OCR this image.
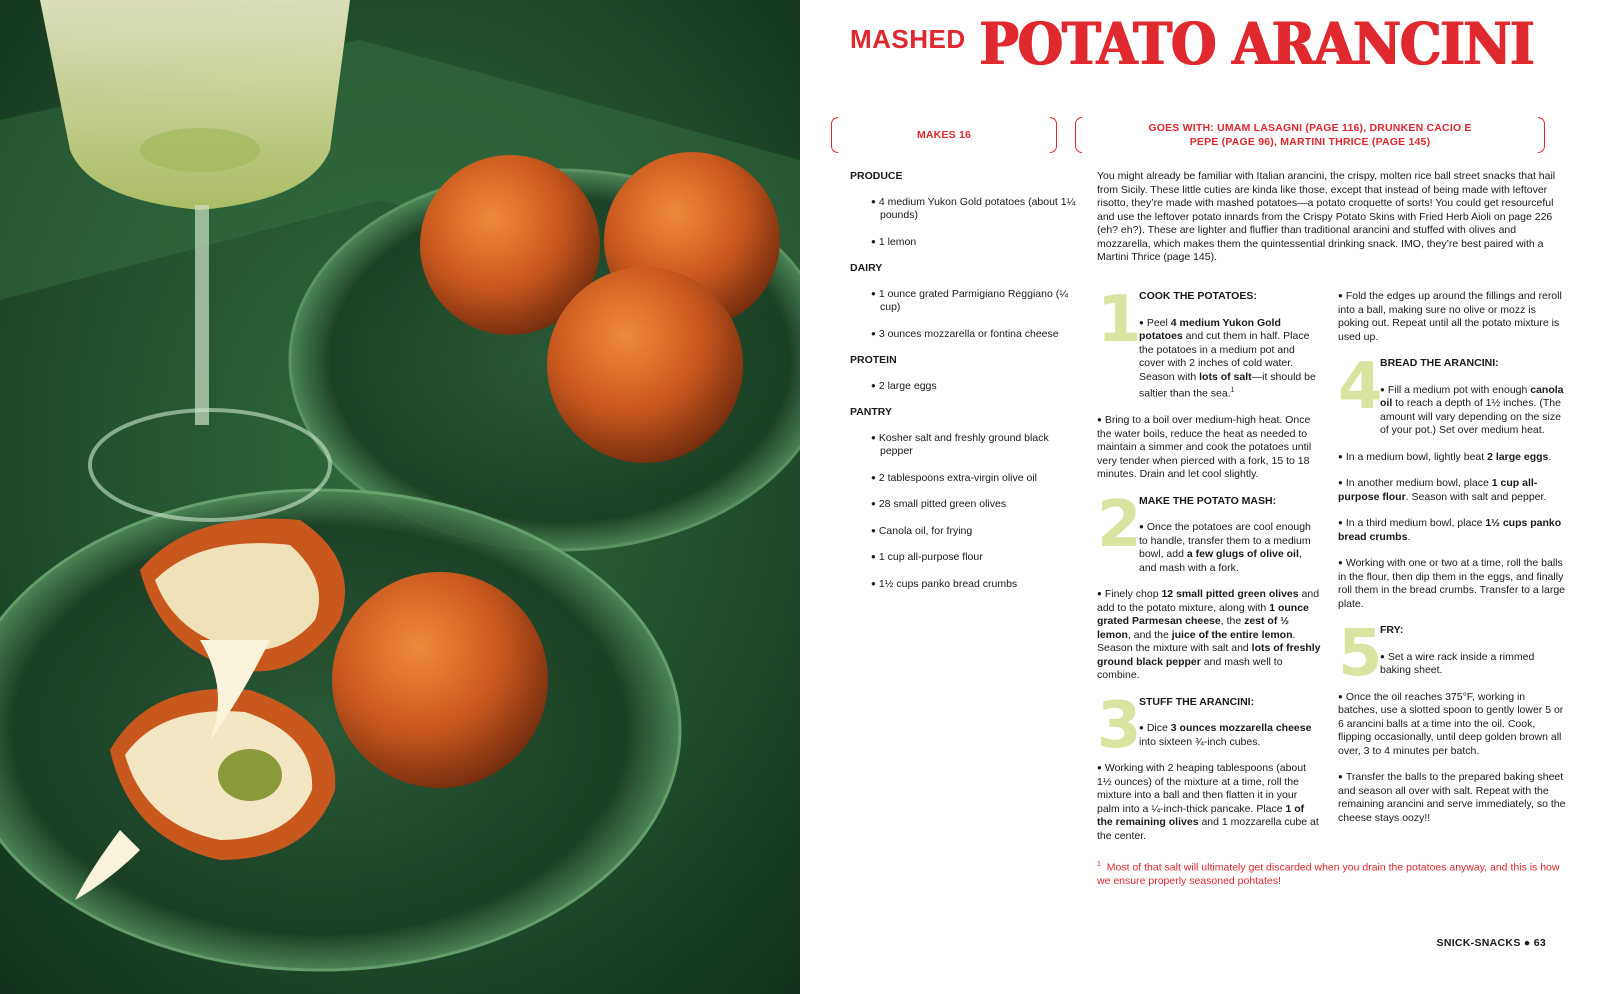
MASHED POTATO ARANCINI
MAKES 16
GOES WITH: UMAM LASAGNI (PAGE 116), DRUNKEN CACIO E PEPE (PAGE 96), MARTINI THRICE (PAGE 145)
PRODUCE
● 4 medium Yukon Gold potatoes (about 1¼ pounds)
● 1 lemon
DAIRY
● 1 ounce grated Parmigiano Reggiano (¼ cup)
● 3 ounces mozzarella or fontina cheese
PROTEIN
● 2 large eggs
PANTRY
● Kosher salt and freshly ground black pepper
● 2 tablespoons extra-virgin olive oil
● 28 small pitted green olives
● Canola oil, for frying
● 1 cup all-purpose flour
● 1½ cups panko bread crumbs
You might already be familiar with Italian arancini, the crispy, molten rice ball street snacks that hail from Sicily. These little cuties are kinda like those, except that instead of being made with leftover risotto, they’re made with mashed potatoes—a potato croquette of sorts! You could get resourceful and use the leftover potato innards from the Crispy Potato Skins with Fried Herb Aioli on page 226 (eh? eh?). These are lighter and fluffier than traditional arancini and stuffed with olives and mozzarella, which makes them the quintessential drinking snack. IMO, they’re best paired with a Martini Thrice (page 145).
1
COOK THE POTATOES:
● Peel 4 medium Yukon Gold potatoes and cut them in half. Place the potatoes in a medium pot and cover with 2 inches of cold water. Season with lots of salt—it should be saltier than the sea.$^1$
● Bring to a boil over medium-high heat. Once the water boils, reduce the heat as needed to maintain a simmer and cook the potatoes until very tender when pierced with a fork, 15 to 18 minutes. Drain and let cool slightly.
2
MAKE THE POTATO MASH:
● Once the potatoes are cool enough to handle, transfer them to a medium bowl, add a few glugs of olive oil, and mash with a fork.
● Finely chop 12 small pitted green olives and add to the potato mixture, along with 1 ounce grated Parmesan cheese, the zest of ½ lemon, and the juice of the entire lemon. Season the mixture with salt and lots of freshly ground black pepper and mash well to combine.
3
STUFF THE ARANCINI:
● Dice 3 ounces mozzarella cheese into sixteen ¾-inch cubes.
● Working with 2 heaping tablespoons (about 1½ ounces) of the mixture at a time, roll the mixture into a ball and then flatten it in your palm into a ¼-inch-thick pancake. Place 1 of the remaining olives and 1 mozzarella cube at the center.
● Fold the edges up around the fillings and reroll into a ball, making sure no olive or mozz is poking out. Repeat until all the potato mixture is used up.
4
BREAD THE ARANCINI:
● Fill a medium pot with enough canola oil to reach a depth of 1½ inches. (The amount will vary depending on the size of your pot.) Set over medium heat.
● In a medium bowl, lightly beat 2 large eggs.
● In another medium bowl, place 1 cup all-purpose flour. Season with salt and pepper.
● In a third medium bowl, place 1½ cups panko bread crumbs.
● Working with one or two at a time, roll the balls in the flour, then dip them in the eggs, and finally roll them in the bread crumbs. Transfer to a large plate.
5
FRY:
● Set a wire rack inside a rimmed baking sheet.
● Once the oil reaches 375°F, working in batches, use a slotted spoon to gently lower 5 or 6 arancini balls at a time into the oil. Cook, flipping occasionally, until deep golden brown all over, 3 to 4 minutes per batch.
● Transfer the balls to the prepared baking sheet and season all over with salt. Repeat with the remaining arancini and serve immediately, so the cheese stays oozy!!
$^1$ Most of that salt will ultimately get discarded when you drain the potatoes anyway, and this is how we ensure properly seasoned pohtates!
SNICK-SNACKS ● 63
